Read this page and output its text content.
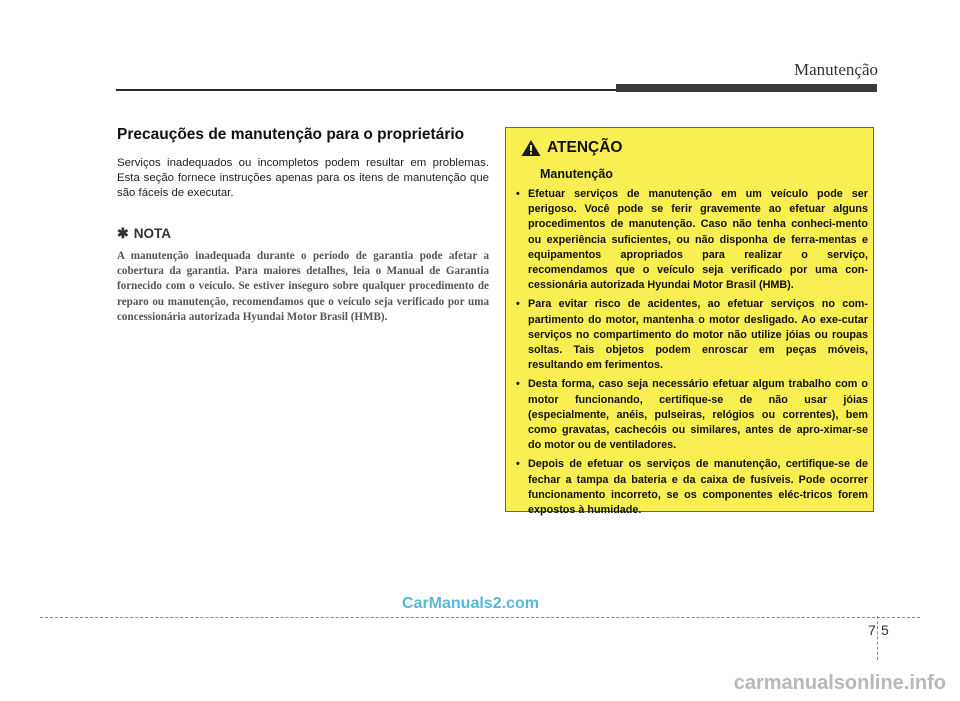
Manutenção
Precauções de manutenção para o proprietário

Serviços inadequados ou incompletos podem resultar em problemas. Esta seção fornece instruções apenas para os itens de manutenção que são fáceis de executar.

✱ NOTA
A manutenção inadequada durante o período de garantia pode afetar a cobertura da garantia. Para maiores detalhes, leia o Manual de Garantia fornecido com o veículo. Se estiver inseguro sobre qualquer procedimento de reparo ou manutenção, recomendamos que o veículo seja verificado por uma concessionária autorizada Hyundai Motor Brasil (HMB).
ATENÇÃO
Manutenção
• Efetuar serviços de manutenção em um veículo pode ser perigoso. Você pode se ferir gravemente ao efetuar alguns procedimentos de manutenção. Caso não tenha conheci-mento ou experiência suficientes, ou não disponha de ferra-mentas e equipamentos apropriados para realizar o serviço, recomendamos que o veículo seja verificado por uma con-cessionária autorizada Hyundai Motor Brasil (HMB).
• Para evitar risco de acidentes, ao efetuar serviços no com-partimento do motor, mantenha o motor desligado. Ao exe-cutar serviços no compartimento do motor não utilize jóias ou roupas soltas. Tais objetos podem enroscar em peças móveis, resultando em ferimentos.
• Desta forma, caso seja necessário efetuar algum trabalho com o motor funcionando, certifique-se de não usar jóias (especialmente, anéis, pulseiras, relógios ou correntes), bem como gravatas, cachecóis ou similares, antes de apro-ximar-se do motor ou de ventiladores.
• Depois de efetuar os serviços de manutenção, certifique-se de fechar a tampa da bateria e da caixa de fusíveis. Pode ocorrer funcionamento incorreto, se os componentes eléc-tricos forem expostos à humidade.
CarManuals2.com
7 5
carmanualsonline.info
